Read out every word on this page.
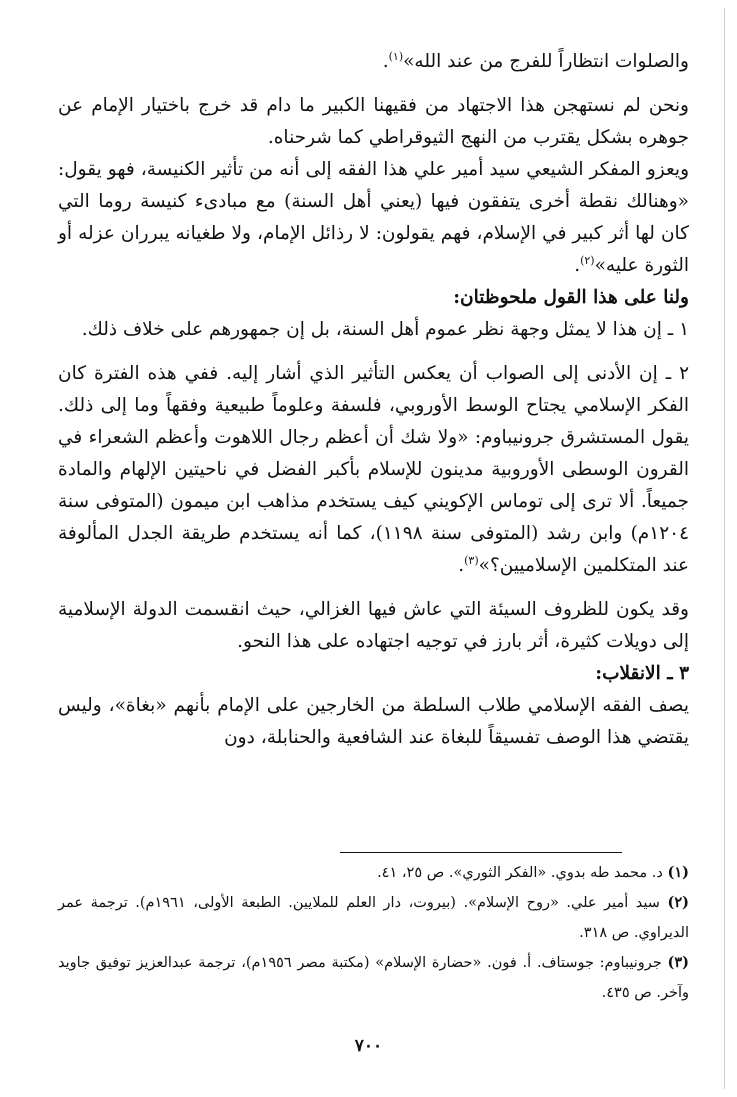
والصلوات انتظاراً للفرج من عند الله»$^{(١)}$.

ونحن لم نستهجن هذا الاجتهاد من فقيهنا الكبير ما دام قد خرج باختيار الإمام عن جوهره بشكل يقترب من النهج الثيوقراطي كما شرحناه.

ويعزو المفكر الشيعي سيد أمير علي هذا الفقه إلى أنه من تأثير الكنيسة، فهو يقول: «وهنالك نقطة أخرى يتفقون فيها (يعني أهل السنة) مع مبادىء كنيسة روما التي كان لها أثر كبير في الإسلام، فهم يقولون: لا رذائل الإمام، ولا طغيانه يبرران عزله أو الثورة عليه»$^{(٢)}$.

ولنا على هذا القول ملحوظتان:

١ ـ إن هذا لا يمثل وجهة نظر عموم أهل السنة، بل إن جمهورهم على خلاف ذلك.

٢ ـ إن الأدنى إلى الصواب أن يعكس التأثير الذي أشار إليه. ففي هذه الفترة كان الفكر الإسلامي يجتاح الوسط الأوروبي، فلسفة وعلوماً طبيعية وفقهاً وما إلى ذلك. يقول المستشرق جرونيباوم: «ولا شك أن أعظم رجال اللاهوت وأعظم الشعراء في القرون الوسطى الأوروبية مدينون للإسلام بأكبر الفضل في ناحيتين الإلهام والمادة جميعاً. ألا ترى إلى توماس الإكويني كيف يستخدم مذاهب ابن ميمون (المتوفى سنة ١٢٠٤م) وابن رشد (المتوفى سنة ١١٩٨)، كما أنه يستخدم طريقة الجدل المألوفة عند المتكلمين الإسلاميين؟»$^{(٣)}$.

وقد يكون للظروف السيئة التي عاش فيها الغزالي، حيث انقسمت الدولة الإسلامية إلى دويلات كثيرة، أثر بارز في توجيه اجتهاده على هذا النحو.

٣ ـ الانقلاب:

يصف الفقه الإسلامي طلاب السلطة من الخارجين على الإمام بأنهم «بغاة»، وليس يقتضي هذا الوصف تفسيقاً للبغاة عند الشافعية والحنابلة، دون

(١) د. محمد طه بدوي. «الفكر الثوري». ص ٢٥، ٤١.

(٢) سيد أمير علي. «روح الإسلام». (بيروت، دار العلم للملايين. الطبعة الأولى، ١٩٦١م). ترجمة عمر الديراوي. ص ٣١٨.

(٣) جرونيباوم: جوستاف. أ. فون. «حضارة الإسلام» (مكتبة مصر ١٩٥٦م)، ترجمة عبدالعزيز توفيق جاويد وآخر. ص ٤٣٥.

٧٠٠
